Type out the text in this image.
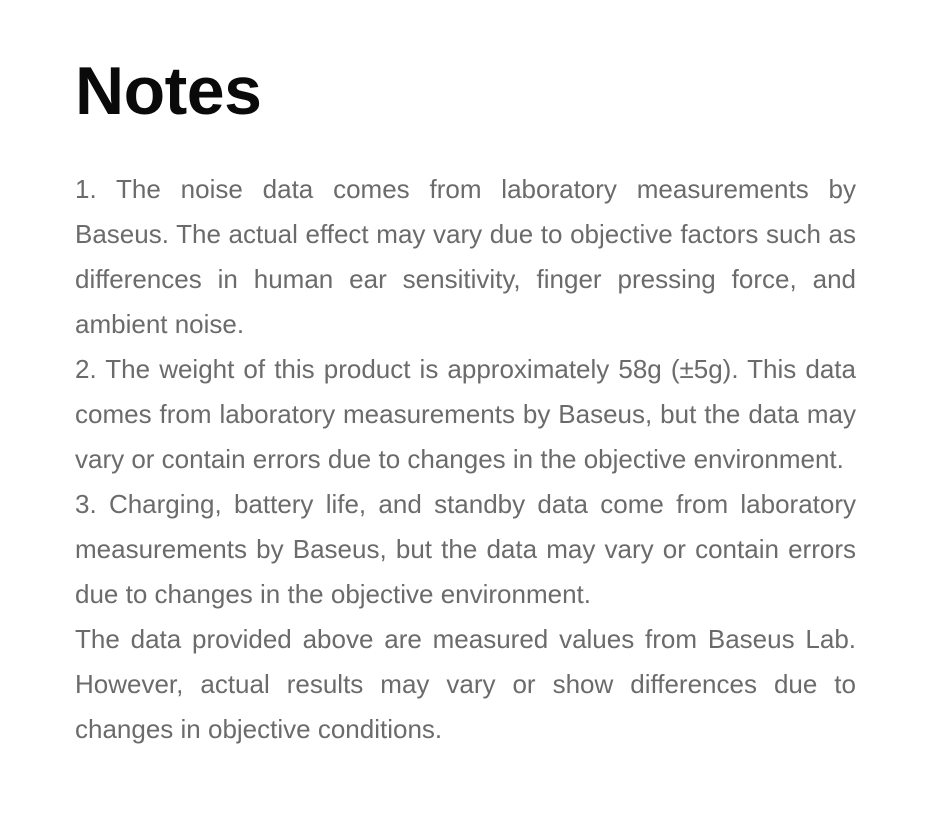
Notes

1. The noise data comes from laboratory measurements by Baseus. The actual effect may vary due to objective factors such as differences in human ear sensitivity, finger pressing force, and ambient noise.

2. The weight of this product is approximately 58g (±5g). This data comes from laboratory measurements by Baseus, but the data may vary or contain errors due to changes in the objective environment.

3. Charging, battery life, and standby data come from laboratory measurements by Baseus, but the data may vary or contain errors due to changes in the objective environment.

The data provided above are measured values from Baseus Lab. However, actual results may vary or show differences due to changes in objective conditions.
